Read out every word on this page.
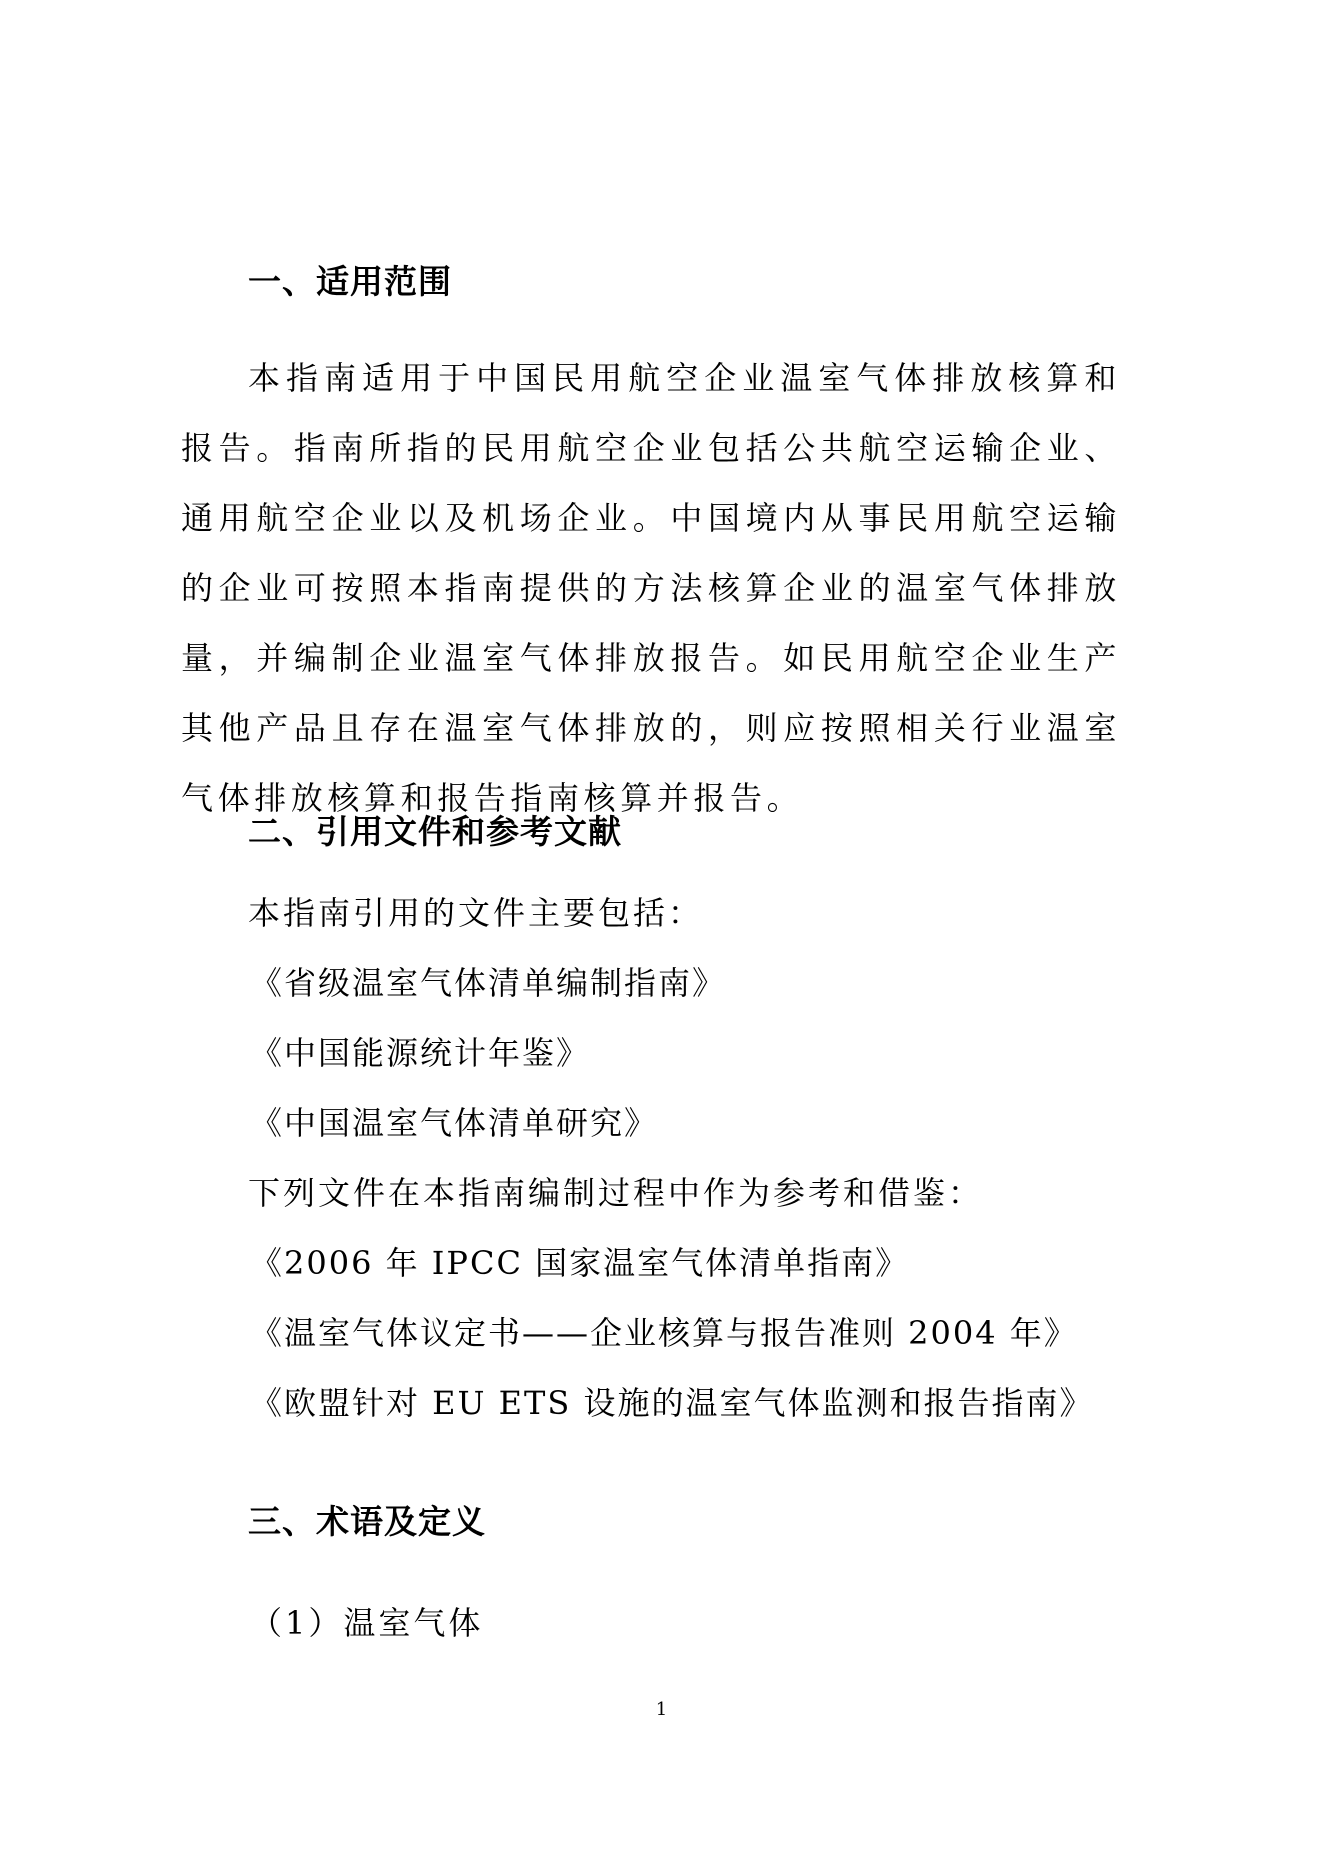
一、适用范围
本指南适用于中国民用航空企业温室气体排放核算和报告。指南所指的民用航空企业包括公共航空运输企业、通用航空企业以及机场企业。中国境内从事民用航空运输的企业可按照本指南提供的方法核算企业的温室气体排放量，并编制企业温室气体排放报告。如民用航空企业生产其他产品且存在温室气体排放的，则应按照相关行业温室气体排放核算和报告指南核算并报告。
二、引用文件和参考文献
本指南引用的文件主要包括：
《省级温室气体清单编制指南》
《中国能源统计年鉴》
《中国温室气体清单研究》
下列文件在本指南编制过程中作为参考和借鉴：
《2006 年 IPCC 国家温室气体清单指南》
《温室气体议定书——企业核算与报告准则 2004 年》
《欧盟针对 EU ETS 设施的温室气体监测和报告指南》
三、术语及定义
（1）温室气体
1
